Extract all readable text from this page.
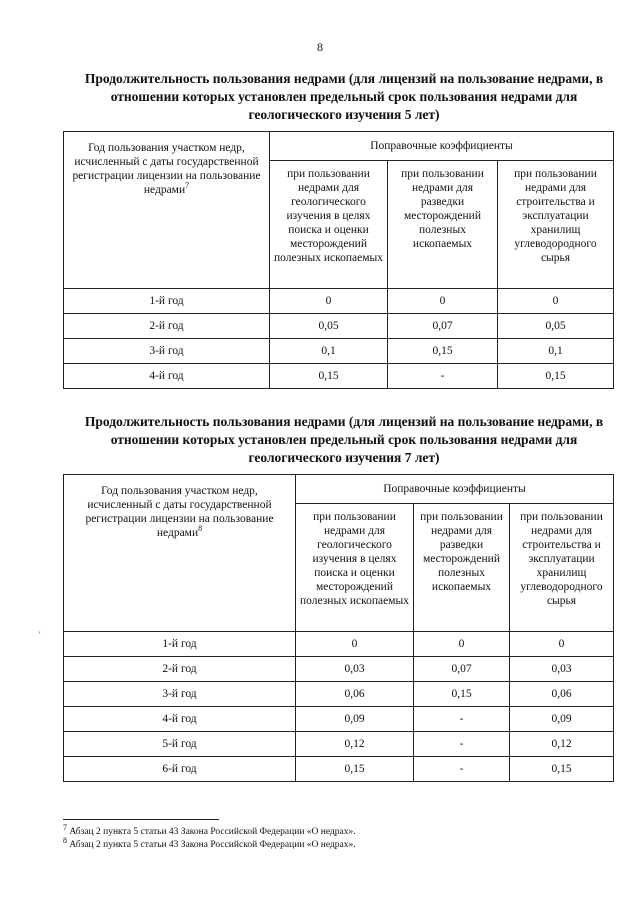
8
Продолжительность пользования недрами (для лицензий на пользование недрами, в отношении которых установлен предельный срок пользования недрами для геологического изучения 5 лет)
Год пользования участком недр, исчисленный с даты государственной регистрации лицензии на пользование недрами$^7$	Поправочные коэффициенты		
	при пользовании недрами для геологического изучения в целях поиска и оценки месторождений полезных ископаемых	при пользовании недрами для разведки месторождений полезных ископаемых	при пользовании недрами для строительства и эксплуатации хранилищ углеводородного сырья
1-й год	0	0	0
2-й год	0,05	0,07	0,05
3-й год	0,1	0,15	0,1
4-й год	0,15	-	0,15
Продолжительность пользования недрами (для лицензий на пользование недрами, в отношении которых установлен предельный срок пользования недрами для геологического изучения 7 лет)
Год пользования участком недр, исчисленный с даты государственной регистрации лицензии на пользование недрами$^8$	Поправочные коэффициенты		
	при пользовании недрами для геологического изучения в целях поиска и оценки месторождений полезных ископаемых	при пользовании недрами для разведки месторождений полезных ископаемых	при пользовании недрами для строительства и эксплуатации хранилищ углеводородного сырья
1-й год	0	0	0
2-й год	0,03	0,07	0,03
3-й год	0,06	0,15	0,06
4-й год	0,09	-	0,09
5-й год	0,12	-	0,12
6-й год	0,15	-	0,15
'
$^7$ Абзац 2 пункта 5 статьи 43 Закона Российской Федерации «О недрах».
$^8$ Абзац 2 пункта 5 статьи 43 Закона Российской Федерации «О недрах».
